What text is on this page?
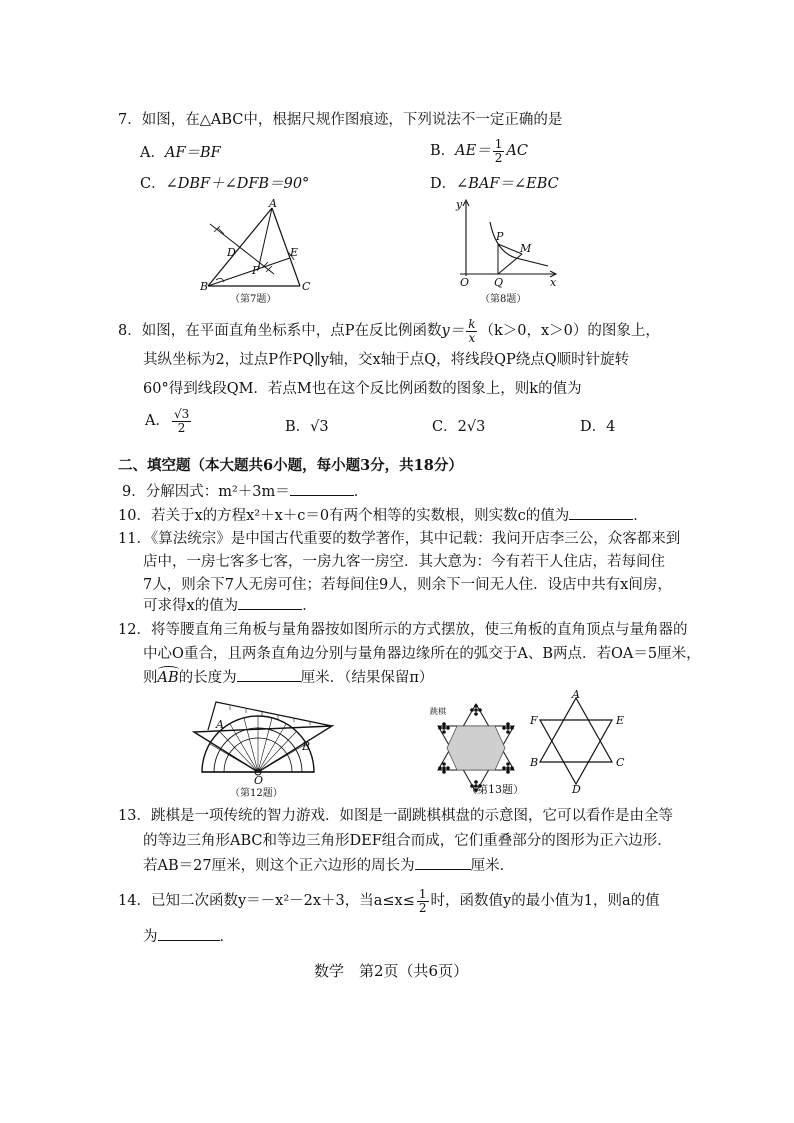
7．如图，在△ABC中，根据尺规作图痕迹，下列说法不一定正确的是
A．AF＝BF	B．$AE= \frac{1}{2}$ AC
C．∠DBF＋∠DFB＝90°	D．∠BAF＝∠EBC
A
D	E
F
B	C
（第7题）
y
P
M
O Q	x
（第8题）
8．如图，在平面直角坐标系中，点P在反比例函数$y= \frac{k}{x} (k>0$，x＞0）的图象上，
其纵坐标为2，过点P作PQ∥y轴，交x轴于点Q，将线段QP绕点Q顺时针旋转
60°得到线段QM．若点M也在这个反比例函数的图象上，则k的值为
A． $\frac{√3}{2}$	B．√3	C．2√3	D．4
二、填空题（本大题共6小题，每小题3分，共18分）
9．分解因式：m²＋3m＝	．
10．若关于x的方程x²＋x＋c＝0有两个相等的实数根，则实数c的值为	．
11．《算法统宗》是中国古代重要的数学著作，其中记载：我问开店李三公，众客都来到
店中，一房七客多七客，一房九客一房空．其大意为：今有若干人住店，若每间住
7人，则余下7人无房可住；若每间住9人，则余下一间无人住．设店中共有x间房，
可求得x的值为	．
12．将等腰直角三角板与量角器按如图所示的方式摆放，使三角板的直角顶点与量角器的
中心O重合，且两条直角边分别与量角器边缘所在的弧交于A、B两点．若OA＝5厘米，
则AB的长度为	厘米．（结果保留π）
A
B
O
（第12题）
跳棋
（第13题）
A
F	E
B	C
D
13．跳棋是一项传统的智力游戏．如图是一副跳棋棋盘的示意图，它可以看作是由全等
的等边三角形ABC和等边三角形DEF组合而成，它们重叠部分的图形为正六边形．
若AB＝27厘米，则这个正六边形的周长为	厘米．
14．已知二次函数y＝－x²－2x＋3，当$a\le x\le \frac{1}{2}$ 时，函数值y的最小值为1，则a的值
为	．
数学　第2页（共6页）
